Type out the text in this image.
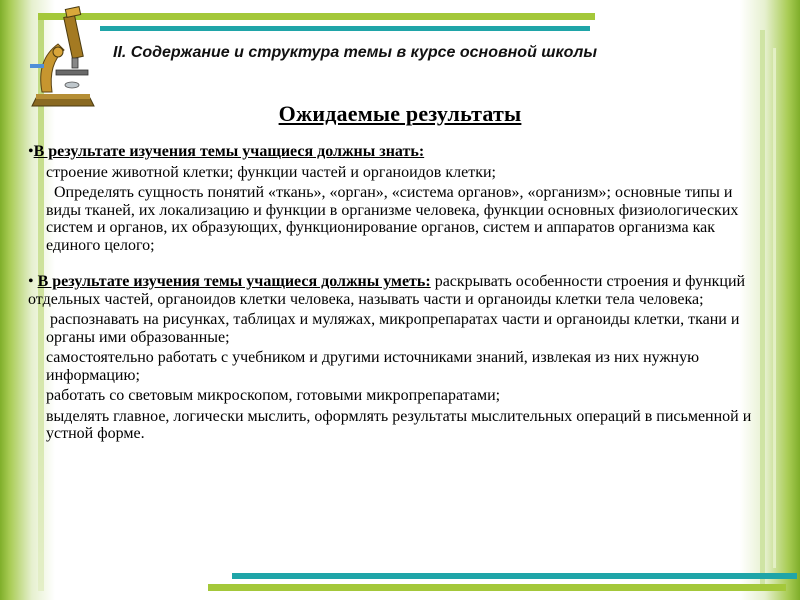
II. Содержание и структура темы в курсе основной школы
Ожидаемые результаты

•В результате изучения темы учащиеся должны знать:

строение животной клетки; функции частей и органоидов клетки;

Определять сущность понятий «ткань», «орган», «система органов», «организм»; основные типы и виды тканей, их локализацию и функции в организме человека, функции основных физиологических систем и органов, их образующих, функционирование органов, систем и аппаратов организма как единого целого;

• В результате изучения темы учащиеся должны уметь: раскрывать особенности строения и функций отдельных частей, органоидов клетки человека, называть части и органоиды клетки тела человека;

распознавать на рисунках, таблицах и муляжах, микропрепаратах части и органоиды клетки, ткани и органы ими образованные;

самостоятельно работать с учебником и другими источниками знаний, извлекая из них нужную информацию;

работать со световым микроскопом, готовыми микропрепаратами;

выделять главное, логически мыслить, оформлять результаты мыслительных операций в письменной и устной форме.
